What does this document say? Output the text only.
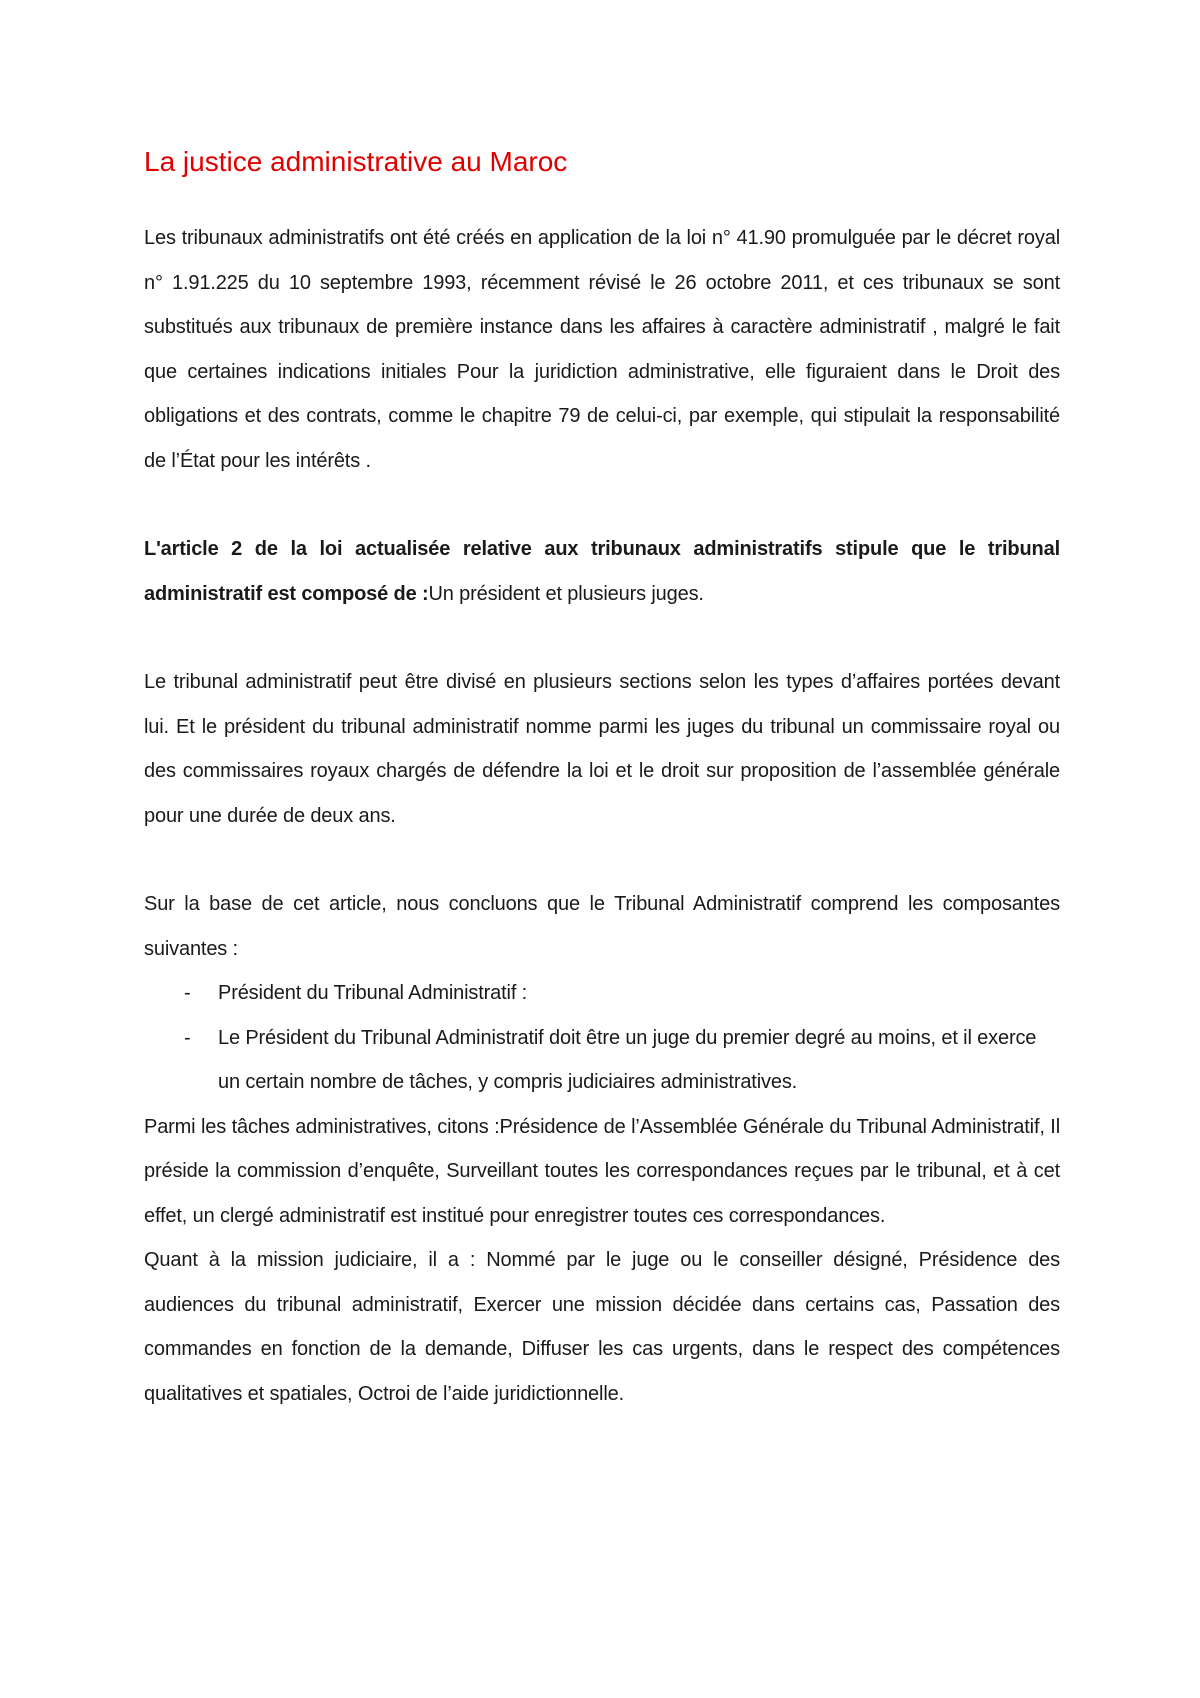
La justice administrative au Maroc

Les tribunaux administratifs ont été créés en application de la loi n° 41.90 promulguée par le décret royal n° 1.91.225 du 10 septembre 1993, récemment révisé le 26 octobre 2011, et ces tribunaux se sont substitués aux tribunaux de première instance dans les affaires à caractère administratif , malgré le fait que certaines indications initiales Pour la juridiction administrative, elle figuraient dans le Droit des obligations et des contrats, comme le chapitre 79 de celui-ci, par exemple, qui stipulait la responsabilité de l’État pour les intérêts .

L'article 2 de la loi actualisée relative aux tribunaux administratifs stipule que le tribunal administratif est composé de :Un président et plusieurs juges.

Le tribunal administratif peut être divisé en plusieurs sections selon les types d’affaires portées devant lui. Et le président du tribunal administratif nomme parmi les juges du tribunal un commissaire royal ou des commissaires royaux chargés de défendre la loi et le droit sur proposition de l’assemblée générale pour une durée de deux ans.

Sur la base de cet article, nous concluons que le Tribunal Administratif comprend les composantes suivantes :

- Président du Tribunal Administratif :
- Le Président du Tribunal Administratif doit être un juge du premier degré au moins, et il exerce un certain nombre de tâches, y compris judiciaires administratives.

Parmi les tâches administratives, citons :Présidence de l’Assemblée Générale du Tribunal Administratif, Il préside la commission d’enquête, Surveillant toutes les correspondances reçues par le tribunal, et à cet effet, un clergé administratif est institué pour enregistrer toutes ces correspondances.

Quant à la mission judiciaire, il a : Nommé par le juge ou le conseiller désigné, Présidence des audiences du tribunal administratif, Exercer une mission décidée dans certains cas, Passation des commandes en fonction de la demande, Diffuser les cas urgents, dans le respect des compétences qualitatives et spatiales, Octroi de l’aide juridictionnelle.
